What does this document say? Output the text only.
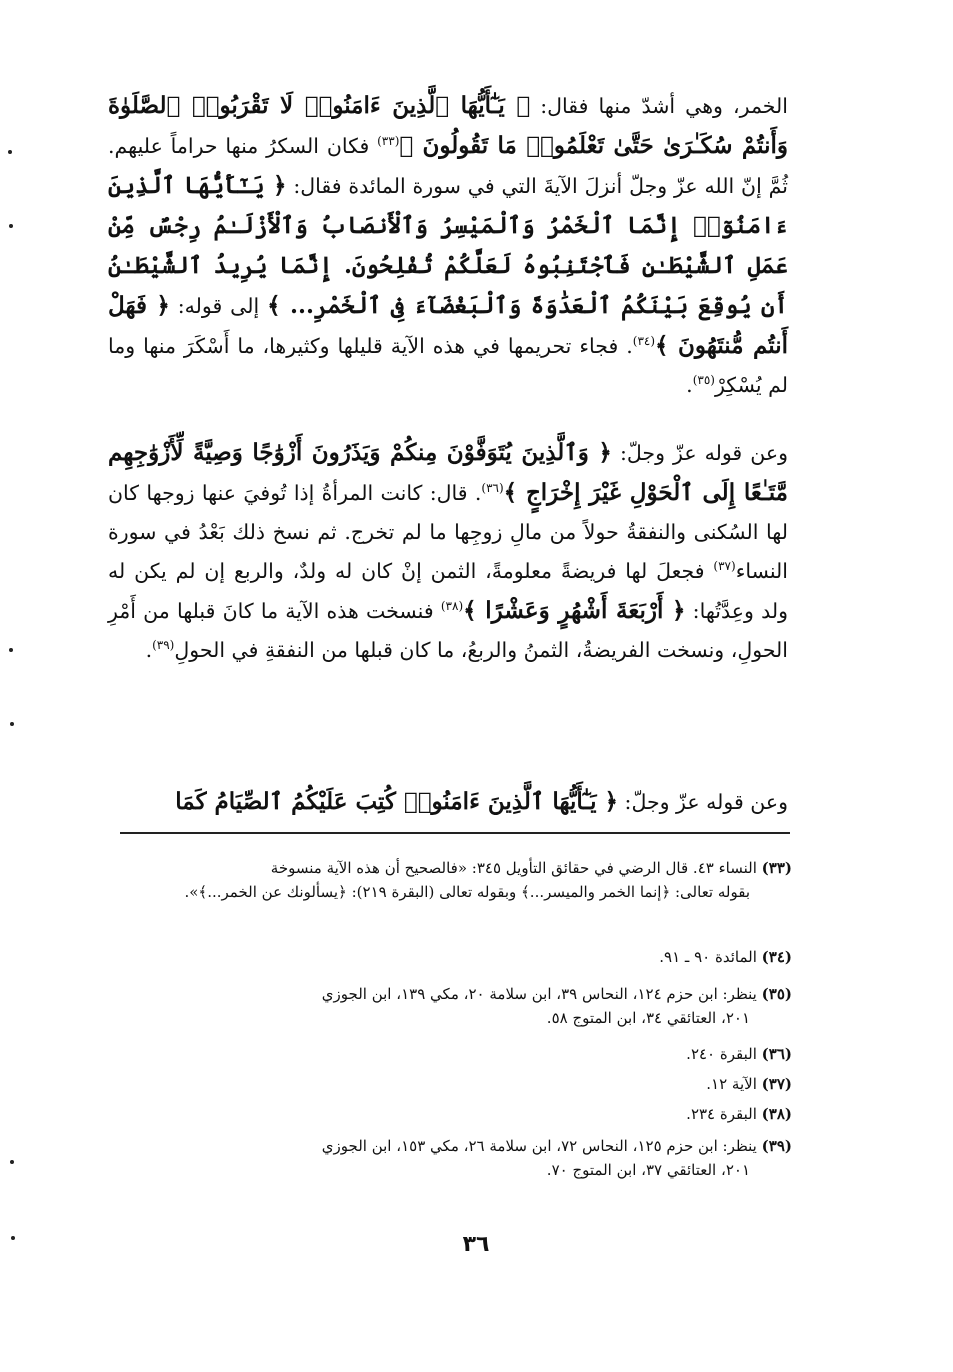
الخمر، وهي أشدّ منها فقال: ﴿ يَـٰٓأَيُّهَا ٱلَّذِينَ ءَامَنُوا۟ لَا تَقْرَبُوا۟ ٱلصَّلَوٰةَ وَأَنتُمْ سُكَـٰرَىٰ حَتَّىٰ تَعْلَمُوا۟ مَا تَقُولُونَ ﴾$^{(٣٣)}$ فكان السكرُ منها حراماً عليهم. ثُمَّ إنّ الله عزّ وجلّ أنزلَ الآيةَ التي في سورة المائدة فقال: ﴿ يَـٰٓأَيُّهَا ٱلَّذِينَ ءَامَنُوٓا۟ إِنَّمَا ٱلْخَمْرُ وَٱلْمَيْسِرُ وَٱلْأَنصَابُ وَٱلْأَزْلَـٰمُ رِجْسٌ مِّنْ عَمَلِ ٱلشَّيْطَـٰنِ فَٱجْتَنِبُوهُ لَعَلَّكُمْ تُفْلِحُونَ. إِنَّمَا يُرِيدُ ٱلشَّيْطَـٰنُ أَن يُوقِعَ بَيْنَكُمُ ٱلْعَدَٰوَةَ وَٱلْبَغْضَآءَ فِى ٱلْخَمْرِ... ﴾ إلى قوله: ﴿ فَهَلْ أَنتُم مُّنتَهُونَ ﴾$^{(٣٤)}$. فجاء تحريمها في هذه الآية قليلها وكثيرها، ما أَسْكَرَ منها وما لم يُسْكِرْ$^{(٣٥)}$.
وعن قوله عزّ وجلّ: ﴿ وَٱلَّذِينَ يُتَوَفَّوْنَ مِنكُمْ وَيَذَرُونَ أَزْوَٰجًا وَصِيَّةً لِّأَزْوَٰجِهِم مَّتَـٰعًا إِلَى ٱلْحَوْلِ غَيْرَ إِخْرَاجٍ ﴾$^{(٣٦)}$. قال: كانت المرأةُ إذا تُوفيَ عنها زوجها كان لها السُكنى والنفقةُ حولاً من مالِ زوجِها ما لم تخرج. ثم نسخ ذلك بَعْدُ في سورة النساء$^{(٣٧)}$ فجعلَ لها فريضةً معلومةً، الثمن إنْ كان له ولدٌ، والربع إن لم يكن له ولد وعِدَّتُها: ﴿ أَرْبَعَةَ أَشْهُرٍ وَعَشْرًا ﴾$^{(٣٨)}$ فنسخت هذه الآية ما كانَ قبلها من أَمْرِ الحولِ، ونسخت الفريضةُ، الثمنُ والربعُ، ما كان قبلها من النفقةِ في الحولِ$^{(٣٩)}$.
وعن قوله عزّ وجلّ: ﴿ يَـٰٓأَيُّهَا ٱلَّذِينَ ءَامَنُوا۟ كُتِبَ عَلَيْكُمُ ٱلصِّيَامُ كَمَا
(٣٣) النساء ٤٣. قال الرضي في حقائق التأويل ٣٤٥: «فالصحيح أن هذه الآية منسوخة
بقوله تعالى: ﴿إنما الخمر والميسر...﴾ وبقوله تعالى (البقرة ٢١٩): ﴿يسألونك عن الخمر...﴾».
(٣٤) المائدة ٩٠ ـ ٩١.
(٣٥) ينظر: ابن حزم ١٢٤، النحاس ٣٩، ابن سلامة ٢٠، مكي ١٣٩، ابن الجوزي
٢٠١، العتائقي ٣٤، ابن المتوج ٥٨.
(٣٦) البقرة ٢٤٠.
(٣٧) الآية ١٢.
(٣٨) البقرة ٢٣٤.
(٣٩) ينظر: ابن حزم ١٢٥، النحاس ٧٢، ابن سلامة ٢٦، مكي ١٥٣، ابن الجوزي
٢٠١، العتائقي ٣٧، ابن المتوج ٧٠.
٣٦
